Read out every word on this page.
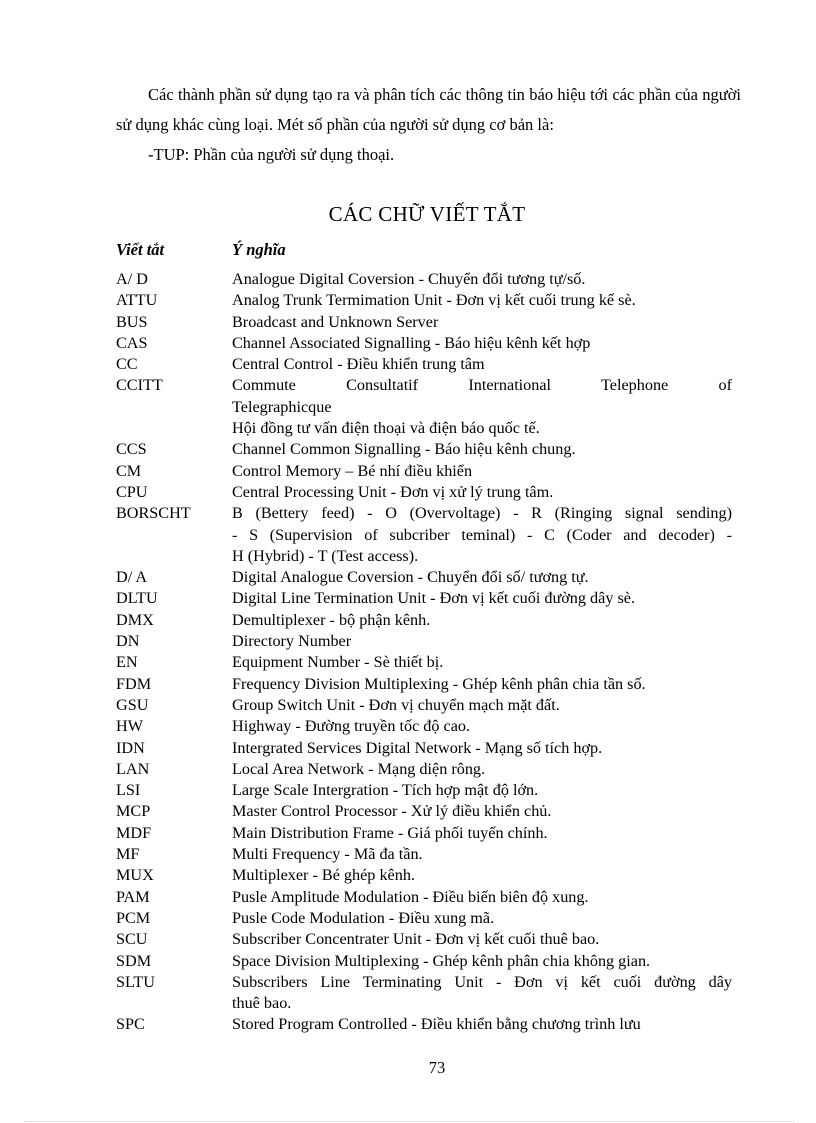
Các thành phần sử dụng tạo ra và phân tích các thông tin báo hiệu tới các phần của người sử dụng khác cùng loại. Mét số phần của người sử dụng cơ bản là:

-TUP: Phần của người sử dụng thoại.

CÁC CHỮ VIẾT TẮT
Viết tắt	Ý nghĩa
A/ D	Analogue Digital Coversion - Chuyển đổi tương tự/số.
ATTU	Analog Trunk Termimation Unit - Đơn vị kết cuối trung kế sè.
BUS	Broadcast and Unknown Server
CAS	Channel Associated Signalling - Báo hiệu kênh kết hợp
CC	Central Control - Điều khiển trung tâm
CCITT	Commute Consultatif International Telephone of
Telegraphicque
Hội đồng tư vấn điện thoại và điện báo quốc tế.
CCS	Channel Common Signalling - Báo hiệu kênh chung.
CM	Control Memory – Bé nhí điều khiển
CPU	Central Processing Unit - Đơn vị xử lý trung tâm.
BORSCHT	B (Bettery feed) - O (Overvoltage) - R (Ringing signal sending)
- S (Supervision of subcriber teminal) - C (Coder and decoder) -
H (Hybrid) - T (Test access).
D/ A	Digital Analogue Coversion - Chuyển đổi số/ tương tự.
DLTU	Digital Line Termination Unit - Đơn vị kết cuối đường dây sè.
DMX	Demultiplexer - bộ phận kênh.
DN	Directory Number
EN	Equipment Number - Sè thiết bị.
FDM	Frequency Division Multiplexing - Ghép kênh phân chia tần số.
GSU	Group Switch Unit - Đơn vị chuyển mạch mặt đất.
HW	Highway - Đường truyền tốc độ cao.
IDN	Intergrated Services Digital Network - Mạng số tích hợp.
LAN	Local Area Network - Mạng diện rông.
LSI	Large Scale Intergration - Tích hợp mật độ lớn.
MCP	Master Control Processor - Xử lý điều khiển chủ.
MDF	Main Distribution Frame - Giá phối tuyến chính.
MF	Multi Frequency - Mã đa tần.
MUX	Multiplexer - Bé ghép kênh.
PAM	Pusle Amplitude Modulation - Điều biến biên độ xung.
PCM	Pusle Code Modulation - Điều xung mã.
SCU	Subscriber Concentrater Unit - Đơn vị kết cuối thuê bao.
SDM	Space Division Multiplexing - Ghép kênh phân chia không gian.
SLTU	Subscribers Line Terminating Unit - Đơn vị kết cuối đường dây
thuê bao.
SPC	Stored Program Controlled - Điều khiển bằng chương trình lưu
73
